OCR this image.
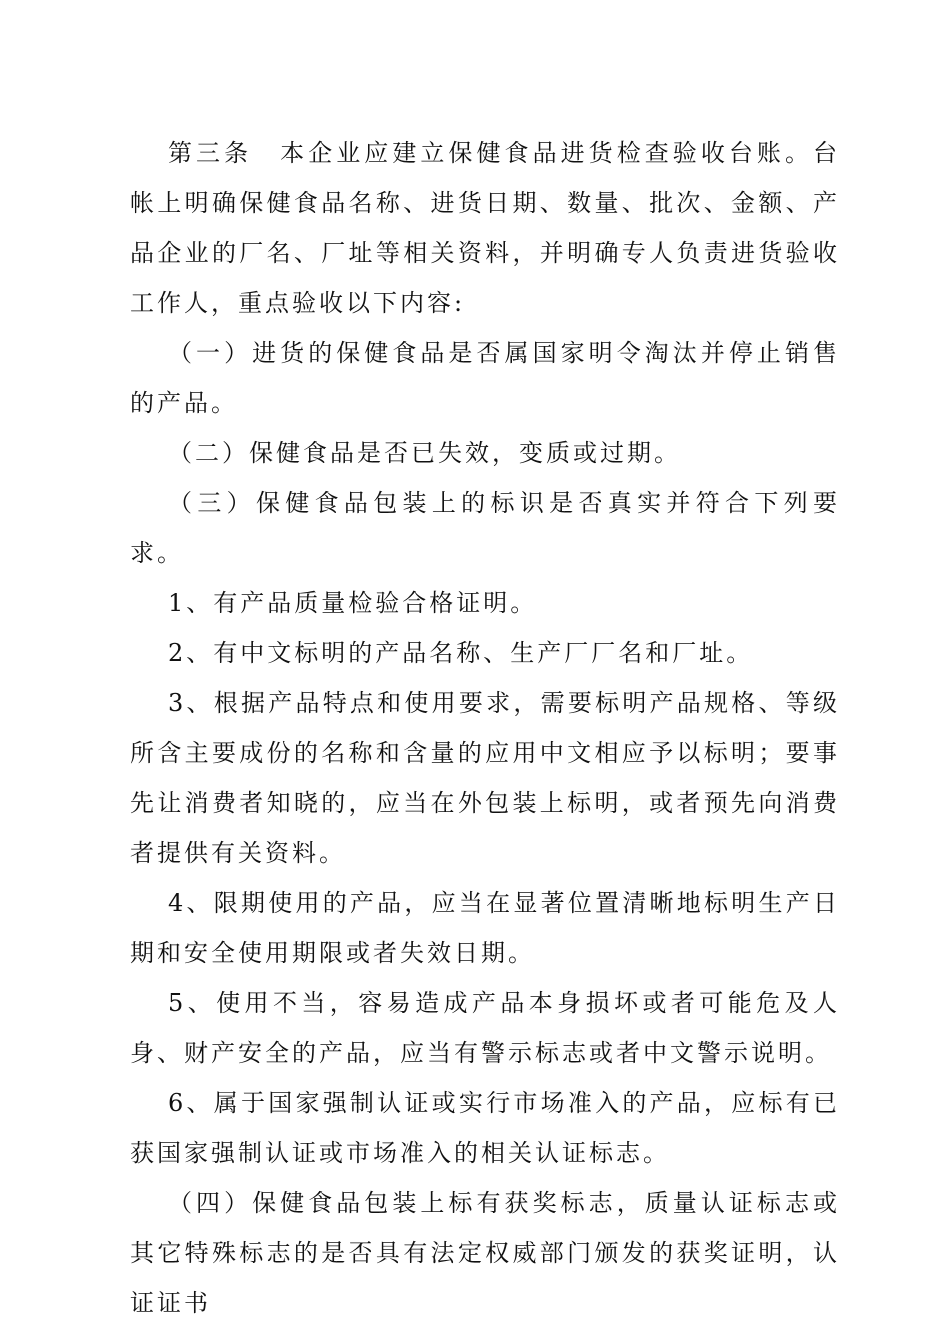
第三条　本企业应建立保健食品进货检查验收台账。台帐上明确保健食品名称、进货日期、数量、批次、金额、产品企业的厂名、厂址等相关资料，并明确专人负责进货验收工作人，重点验收以下内容:

（一）进货的保健食品是否属国家明令淘汰并停止销售的产品。

（二）保健食品是否已失效，变质或过期。

（三）保健食品包装上的标识是否真实并符合下列要求。

1、有产品质量检验合格证明。

2、有中文标明的产品名称、生产厂厂名和厂址。

3、根据产品特点和使用要求，需要标明产品规格、等级所含主要成份的名称和含量的应用中文相应予以标明；要事先让消费者知晓的，应当在外包装上标明，或者预先向消费者提供有关资料。

4、限期使用的产品，应当在显著位置清晰地标明生产日期和安全使用期限或者失效日期。

5、使用不当，容易造成产品本身损坏或者可能危及人身、财产安全的产品，应当有警示标志或者中文警示说明。

6、属于国家强制认证或实行市场准入的产品，应标有已获国家强制认证或市场准入的相关认证标志。

（四）保健食品包装上标有获奖标志，质量认证标志或其它特殊标志的是否具有法定权威部门颁发的获奖证明，认证证书
